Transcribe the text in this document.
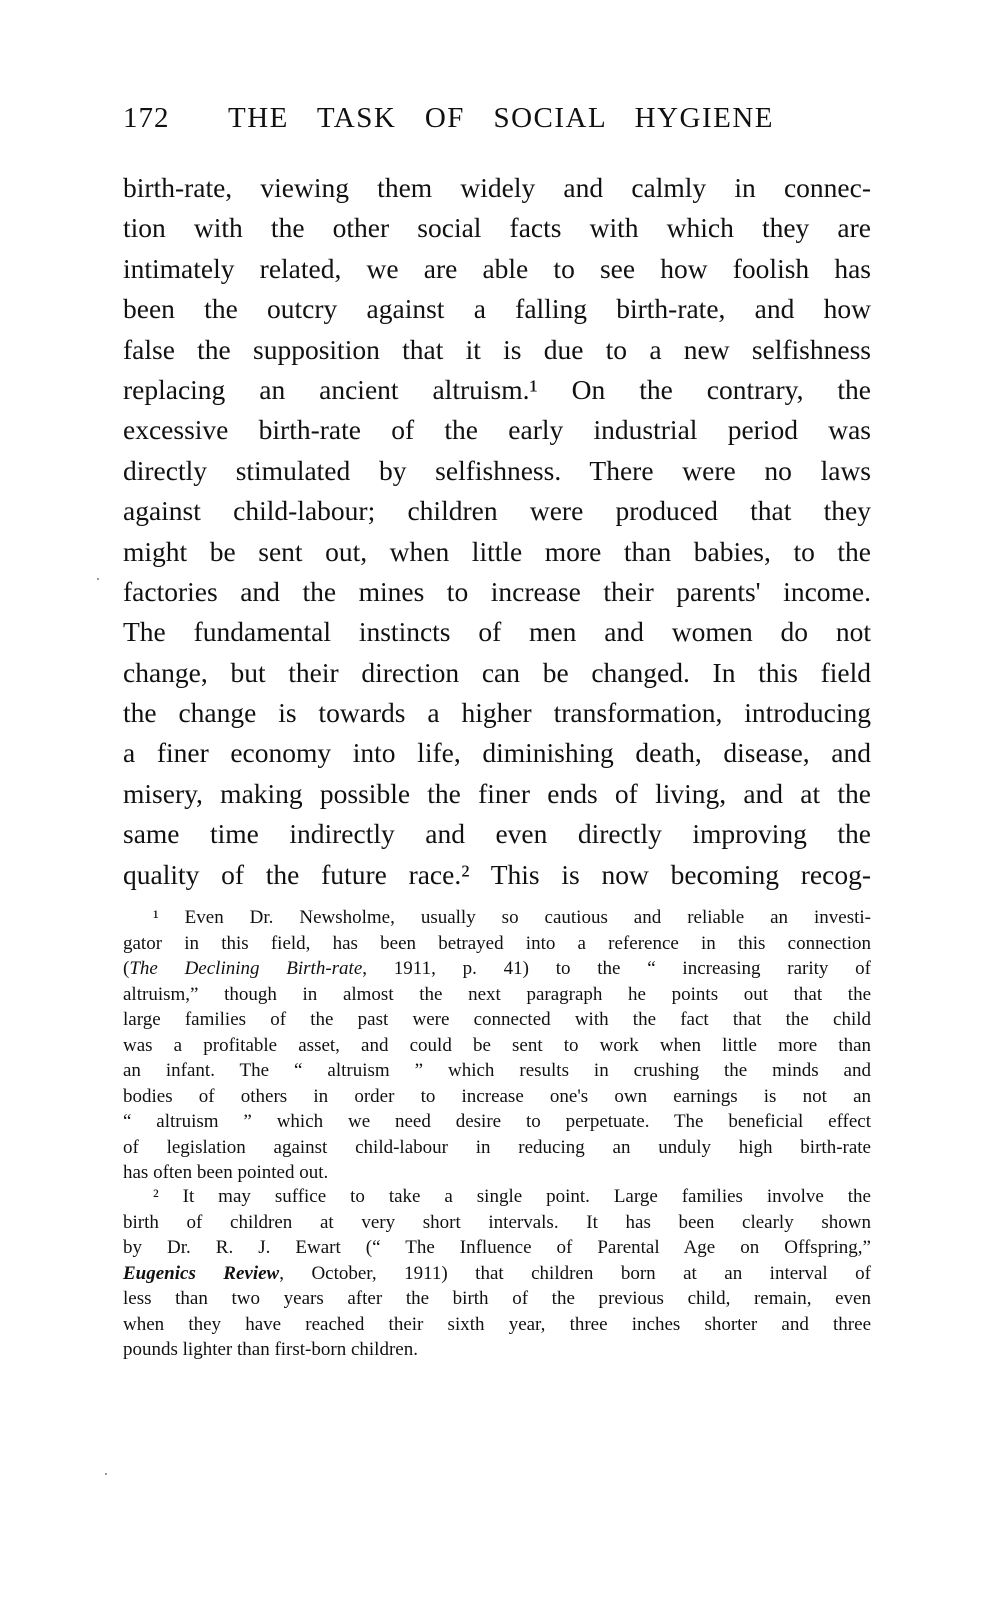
172 THE TASK OF SOCIAL HYGIENE
birth-rate, viewing them widely and calmly in connec-
tion with the other social facts with which they are
intimately related, we are able to see how foolish has
been the outcry against a falling birth-rate, and how
false the supposition that it is due to a new selfishness
replacing an ancient altruism.¹ On the contrary, the
excessive birth-rate of the early industrial period was
directly stimulated by selfishness. There were no laws
against child-labour; children were produced that they
might be sent out, when little more than babies, to the
factories and the mines to increase their parents' income.
The fundamental instincts of men and women do not
change, but their direction can be changed. In this field
the change is towards a higher transformation, introducing
a finer economy into life, diminishing death, disease, and
misery, making possible the finer ends of living, and at the
same time indirectly and even directly improving the
quality of the future race.² This is now becoming recog-
¹ Even Dr. Newsholme, usually so cautious and reliable an investi-
gator in this field, has been betrayed into a reference in this connection
(The Declining Birth-rate, 1911, p. 41) to the “ increasing rarity of
altruism,” though in almost the next paragraph he points out that the
large families of the past were connected with the fact that the child
was a profitable asset, and could be sent to work when little more than
an infant. The “ altruism ” which results in crushing the minds and
bodies of others in order to increase one's own earnings is not an
“ altruism ” which we need desire to perpetuate. The beneficial effect
of legislation against child-labour in reducing an unduly high birth-rate
has often been pointed out.
² It may suffice to take a single point. Large families involve the
birth of children at very short intervals. It has been clearly shown
by Dr. R. J. Ewart (“ The Influence of Parental Age on Offspring,”
Eugenics Review, October, 1911) that children born at an interval of
less than two years after the birth of the previous child, remain, even
when they have reached their sixth year, three inches shorter and three
pounds lighter than first-born children.
